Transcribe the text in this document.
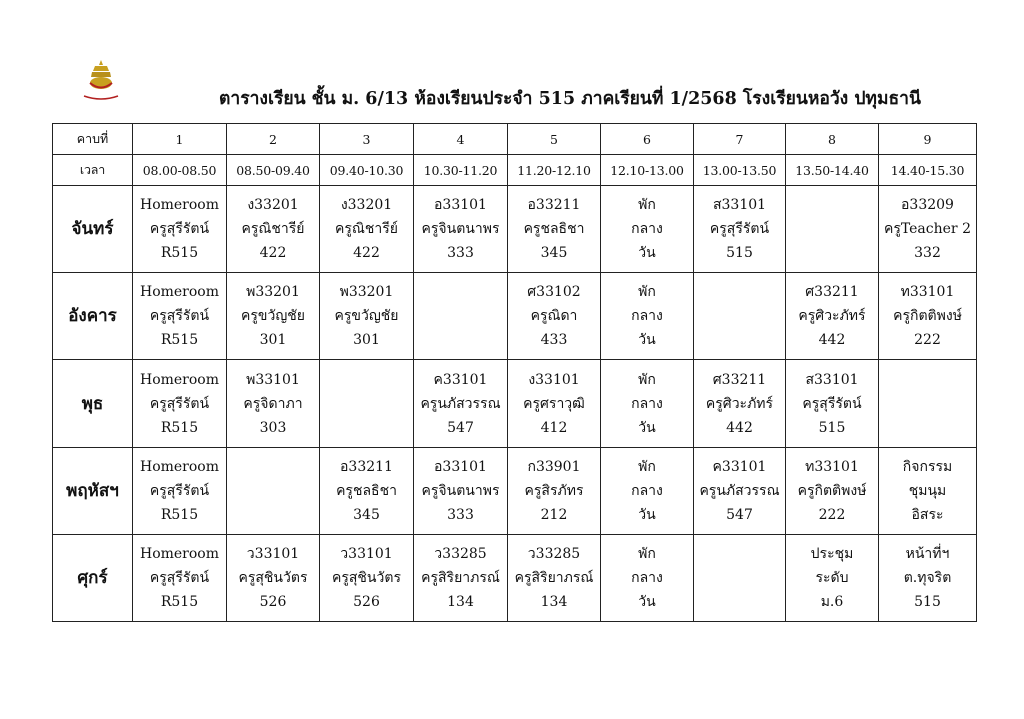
ตารางเรียน ชั้น ม. 6/13 ห้องเรียนประจำ 515 ภาคเรียนที่ 1/2568 โรงเรียนหอวัง ปทุมธานี
คาบที่	1	2	3	4	5	6	7	8	9
เวลา	08.00-08.50	08.50-09.40	09.40-10.30	10.30-11.20	11.20-12.10	12.10-13.00	13.00-13.50	13.50-14.40	14.40-15.30
จันทร์	Homeroom
ครูสุรีรัตน์
R515	ง33201
ครูณิชารีย์
422	ง33201
ครูณิชารีย์
422	อ33101
ครูจินตนาพร
333	อ33211
ครูชลธิชา
345	พัก
กลาง
วัน	ส33101
ครูสุรีรัตน์
515		อ33209
ครูTeacher 2
332

อังคาร	Homeroom
ครูสุรีรัตน์
R515	พ33201
ครูขวัญชัย
301	พ33201
ครูขวัญชัย
301		ศ33102
ครูณิดา
433	พัก
กลาง
วัน		ศ33211
ครูศิวะภัทร์
442	ท33101
ครูกิตติพงษ์
222

พุธ	Homeroom
ครูสุรีรัตน์
R515	พ33101
ครูจิดาภา
303		ค33101
ครูนภัสวรรณ
547	ง33101
ครูศราวุฒิ
412	พัก
กลาง
วัน	ศ33211
ครูศิวะภัทร์
442	ส33101
ครูสุรีรัตน์
515	

พฤหัสฯ	Homeroom
ครูสุรีรัตน์
R515		อ33211
ครูชลธิชา
345	อ33101
ครูจินตนาพร
333	ก33901
ครูสิรภัทร
212	พัก
กลาง
วัน	ค33101
ครูนภัสวรรณ
547	ท33101
ครูกิตติพงษ์
222	กิจกรรม
ชุมนุม
อิสระ

ศุกร์	Homeroom
ครูสุรีรัตน์
R515	ว33101
ครูสุชินวัตร
526	ว33101
ครูสุชินวัตร
526	ว33285
ครูสิริยาภรณ์
134	ว33285
ครูสิริยาภรณ์
134	พัก
กลาง
วัน		ประชุม
ระดับ
ม.6	หน้าที่ฯ
ต.ทุจริต
515
